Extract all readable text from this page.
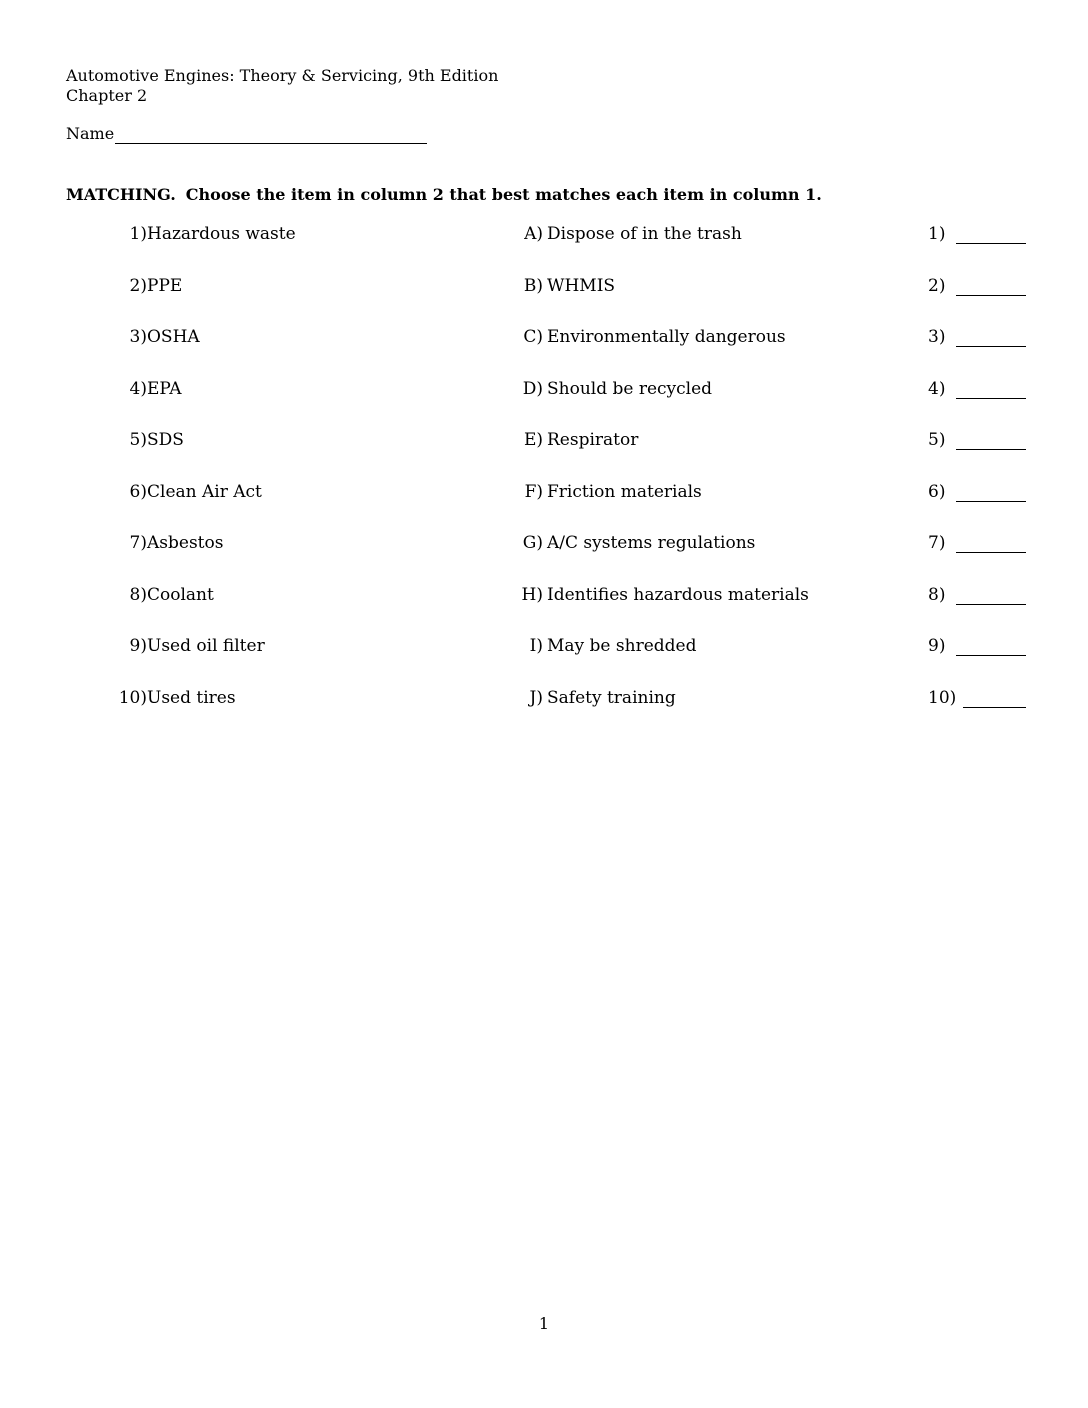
Automotive Engines: Theory & Servicing, 9th Edition
Chapter 2
Name
MATCHING. Choose the item in column 2 that best matches each item in column 1.
1) Hazardous waste	A) Dispose of in the trash	1)
2) PPE	B) WHMIS	2)
3) OSHA	C) Environmentally dangerous	3)
4) EPA	D) Should be recycled	4)
5) SDS	E) Respirator	5)
6) Clean Air Act	F) Friction materials	6)
7) Asbestos	G) A/C systems regulations	7)
8) Coolant	H) Identifies hazardous materials	8)
9) Used oil filter	I) May be shredded	9)
10) Used tires	J) Safety training	10)
1
